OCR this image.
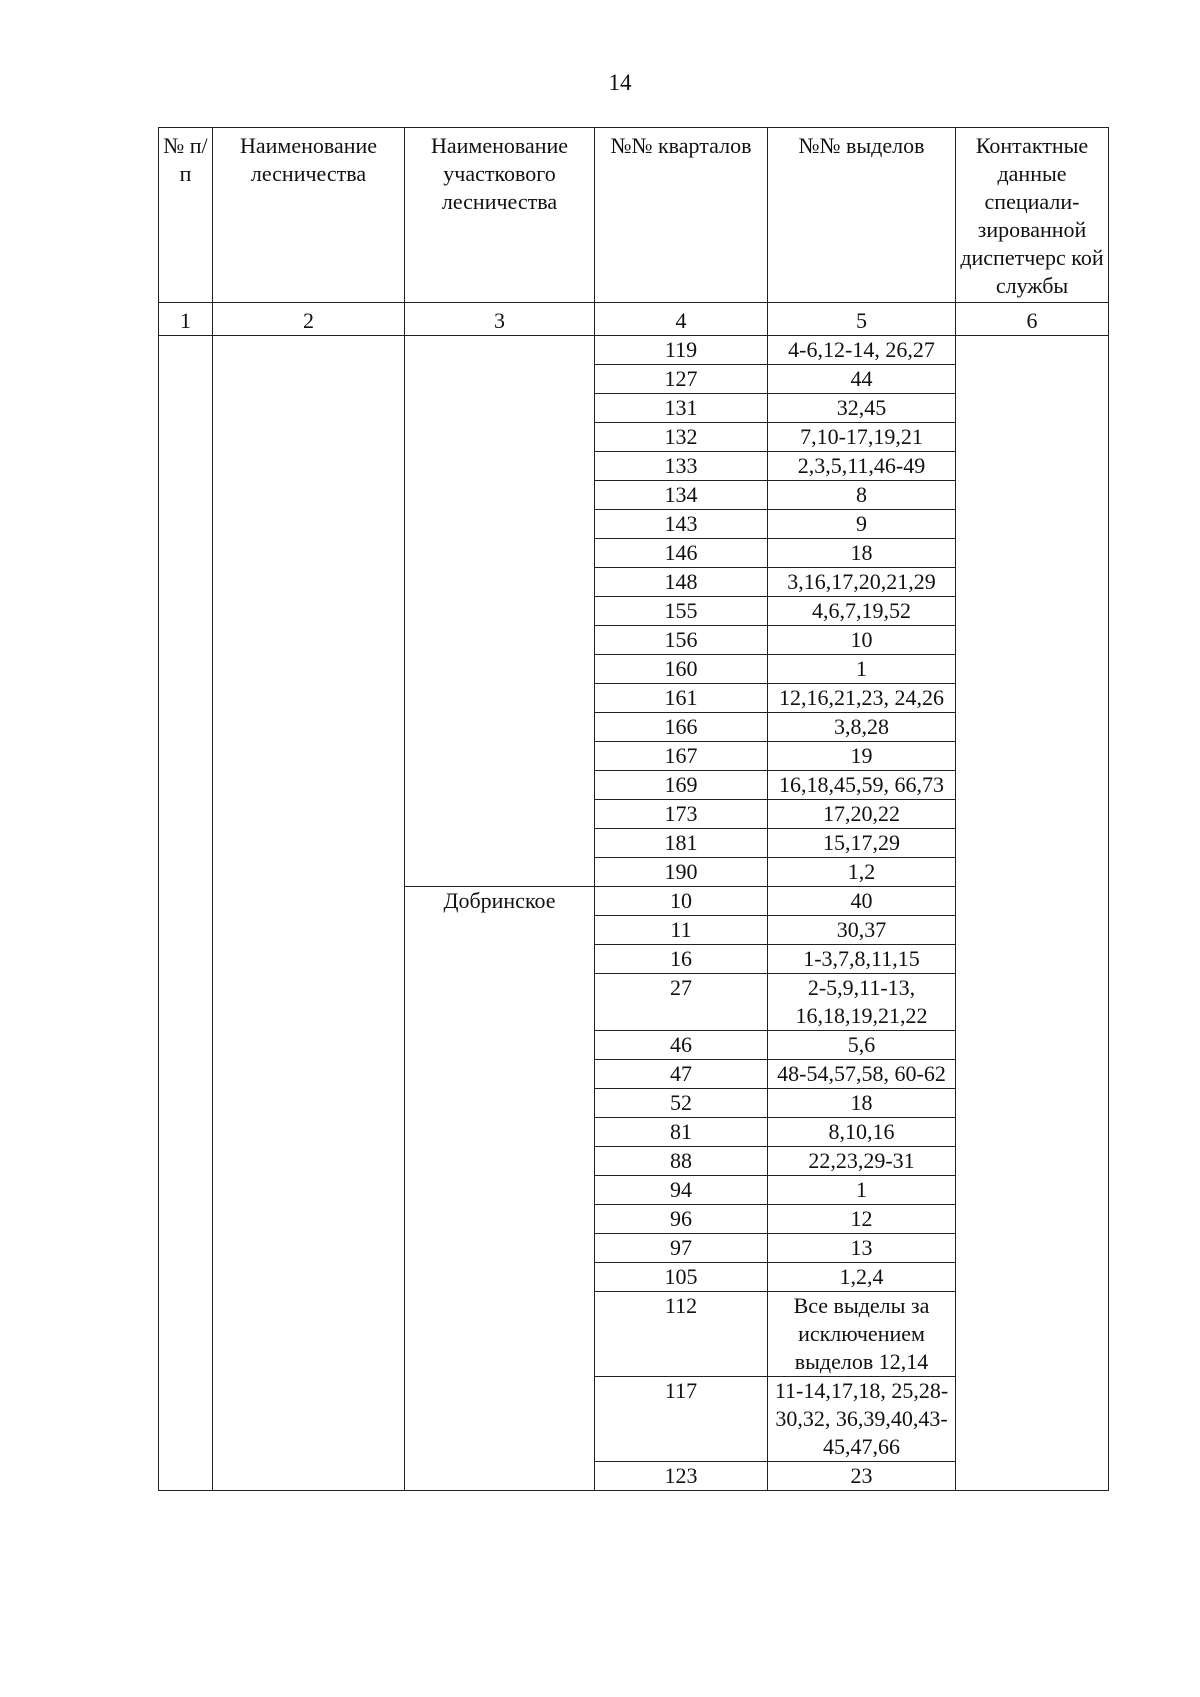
14
№ п/п	Наименование лесничества	Наименование участкового лесничества	№№ кварталов	№№ выделов	Контактные данные специали-зированной диспетчерс кой службы
1	2	3	4	5	6
			119	4-6,12-14, 26,27	
			127	44	
			131	32,45	
			132	7,10-17,19,21	
			133	2,3,5,11,46-49	
			134	8	
			143	9	
			146	18	
			148	3,16,17,20,21,29	
			155	4,6,7,19,52	
			156	10	
			160	1	
			161	12,16,21,23, 24,26	
			166	3,8,28	
			167	19	
			169	16,18,45,59, 66,73	
			173	17,20,22	
			181	15,17,29	
			190	1,2	
		Добринское	10	40	
			11	30,37	
			16	1-3,7,8,11,15	
			27	2-5,9,11-13, 16,18,19,21,22	
			46	5,6	
			47	48-54,57,58, 60-62	
			52	18	
			81	8,10,16	
			88	22,23,29-31	
			94	1	
			96	12	
			97	13	
			105	1,2,4	
			112	Все выделы за исключением выделов 12,14	
			117	11-14,17,18, 25,28-30,32, 36,39,40,43-45,47,66	
			123	23	
